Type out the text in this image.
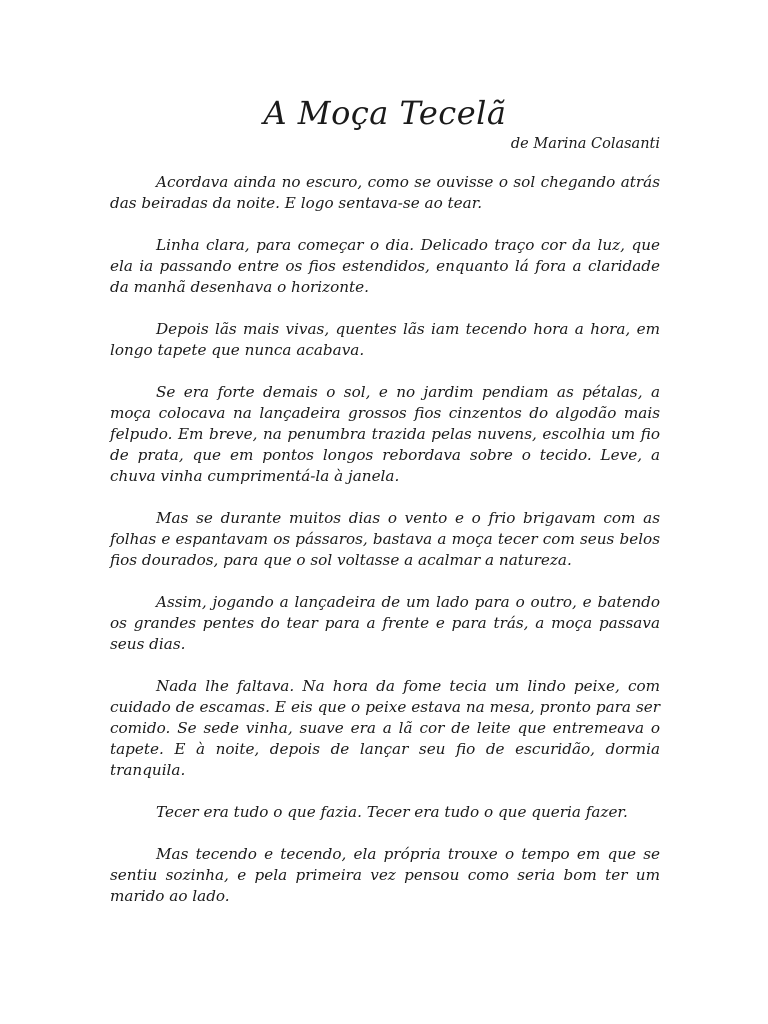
A Moça Tecelã

de Marina Colasanti

Acordava ainda no escuro, como se ouvisse o sol chegando atrás das beiradas da noite. E logo sentava-se ao tear.

Linha clara, para começar o dia. Delicado traço cor da luz, que ela ia passando entre os fios estendidos, enquanto lá fora a claridade da manhã desenhava o horizonte.

Depois lãs mais vivas, quentes lãs iam tecendo hora a hora, em longo tapete que nunca acabava.

Se era forte demais o sol, e no jardim pendiam as pétalas, a moça colocava na lançadeira grossos fios cinzentos do algodão mais felpudo. Em breve, na penumbra trazida pelas nuvens, escolhia um fio de prata, que em pontos longos rebordava sobre o tecido. Leve, a chuva vinha cumprimentá-la à janela.

Mas se durante muitos dias o vento e o frio brigavam com as folhas e espantavam os pássaros, bastava a moça tecer com seus belos fios dourados, para que o sol voltasse a acalmar a natureza.

Assim, jogando a lançadeira de um lado para o outro, e batendo os grandes pentes do tear para a frente e para trás, a moça passava seus dias.

Nada lhe faltava. Na hora da fome tecia um lindo peixe, com cuidado de escamas. E eis que o peixe estava na mesa, pronto para ser comido. Se sede vinha, suave era a lã cor de leite que entremeava o tapete. E à noite, depois de lançar seu fio de escuridão, dormia tranquila.

Tecer era tudo o que fazia. Tecer era tudo o que queria fazer.

Mas tecendo e tecendo, ela própria trouxe o tempo em que se sentiu sozinha, e pela primeira vez pensou como seria bom ter um marido ao lado.
